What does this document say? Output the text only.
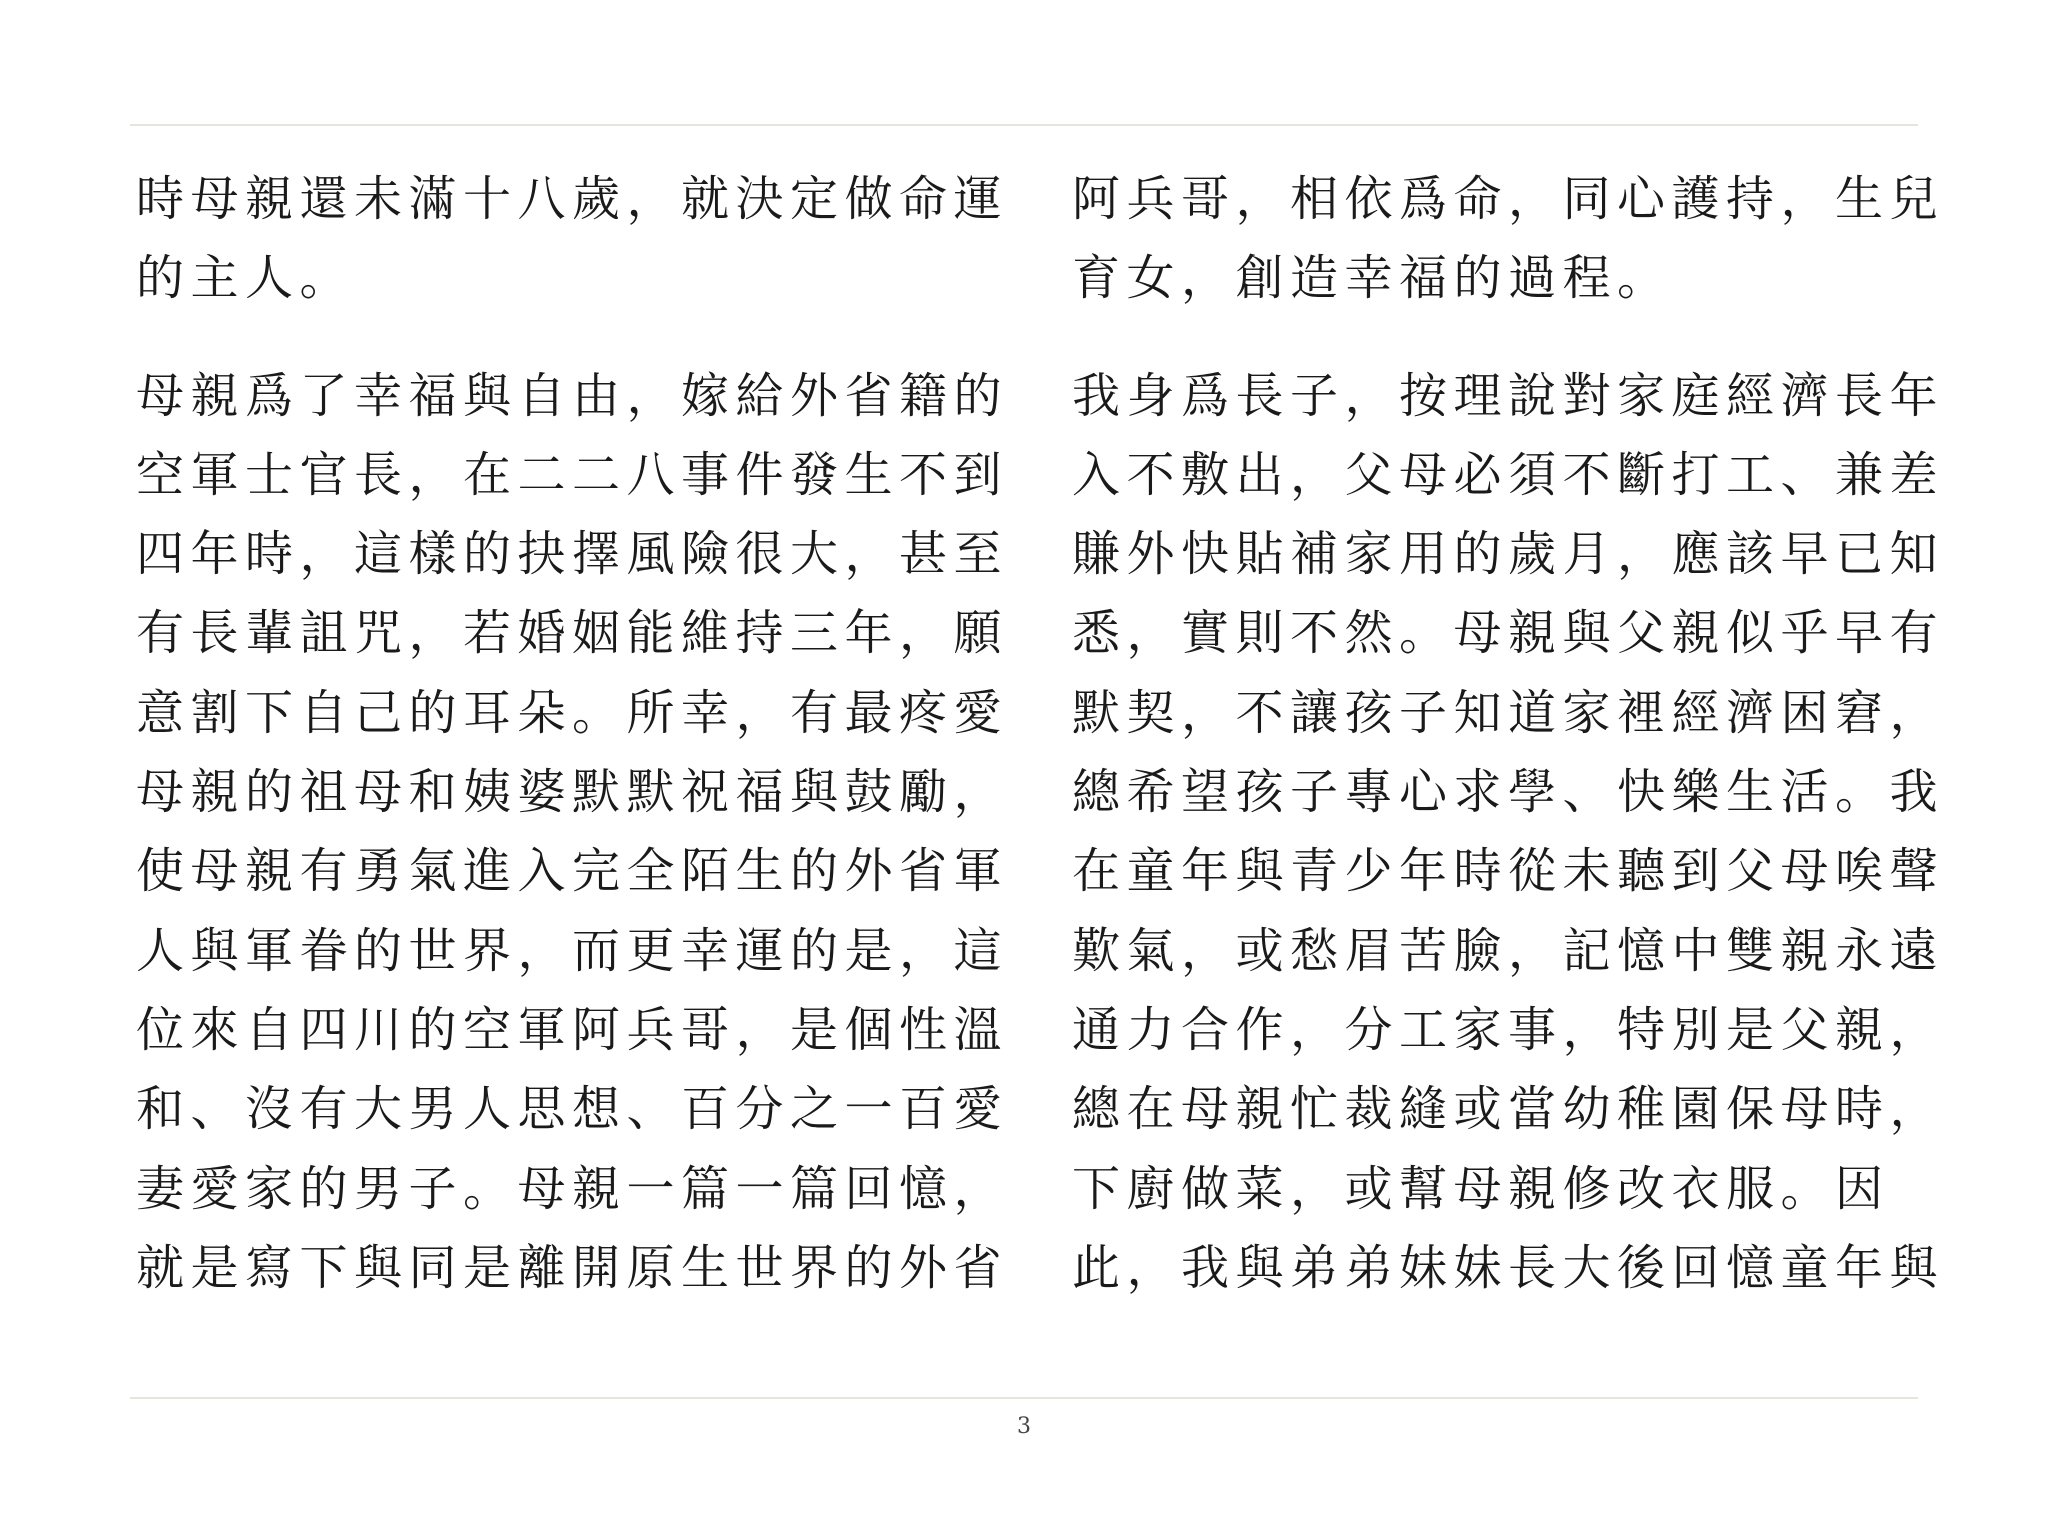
時母親還未滿十八歲，就決定做命運
的主人。

母親爲了幸福與自由，嫁給外省籍的
空軍士官長，在二二八事件發生不到
四年時，這樣的抉擇風險很大，甚至
有長輩詛咒，若婚姻能維持三年，願
意割下自己的耳朵。所幸，有最疼愛
母親的祖母和姨婆默默祝福與鼓勵，
使母親有勇氣進入完全陌生的外省軍
人與軍眷的世界，而更幸運的是，這
位來自四川的空軍阿兵哥，是個性溫
和、沒有大男人思想、百分之一百愛
妻愛家的男子。母親一篇一篇回憶，
就是寫下與同是離開原生世界的外省

阿兵哥，相依爲命，同心護持，生兒
育女，創造幸福的過程。

我身爲長子，按理說對家庭經濟長年
入不敷出，父母必須不斷打工、兼差
賺外快貼補家用的歲月，應該早已知
悉，實則不然。母親與父親似乎早有
默契，不讓孩子知道家裡經濟困窘，
總希望孩子專心求學、快樂生活。我
在童年與青少年時從未聽到父母唉聲
歎氣，或愁眉苦臉，記憶中雙親永遠
通力合作，分工家事，特別是父親，
總在母親忙裁縫或當幼稚園保母時，
下廚做菜，或幫母親修改衣服。因
此，我與弟弟妹妹長大後回憶童年與

3
